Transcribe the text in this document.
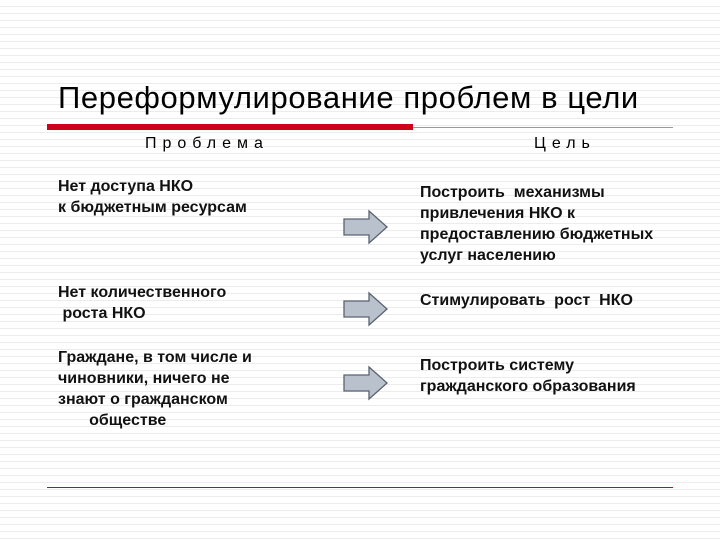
Переформулирование проблем в цели
Проблема	Цель
Нет доступа НКО
к бюджетным ресурсам
Построить  механизмы
привлечения НКО к
предоставлению бюджетных
услуг населению
Нет количественного
роста НКО
Стимулировать  рост  НКО
Граждане, в том числе и
чиновники, ничего не
знают о гражданском
обществе
Построить систему
гражданского образования
